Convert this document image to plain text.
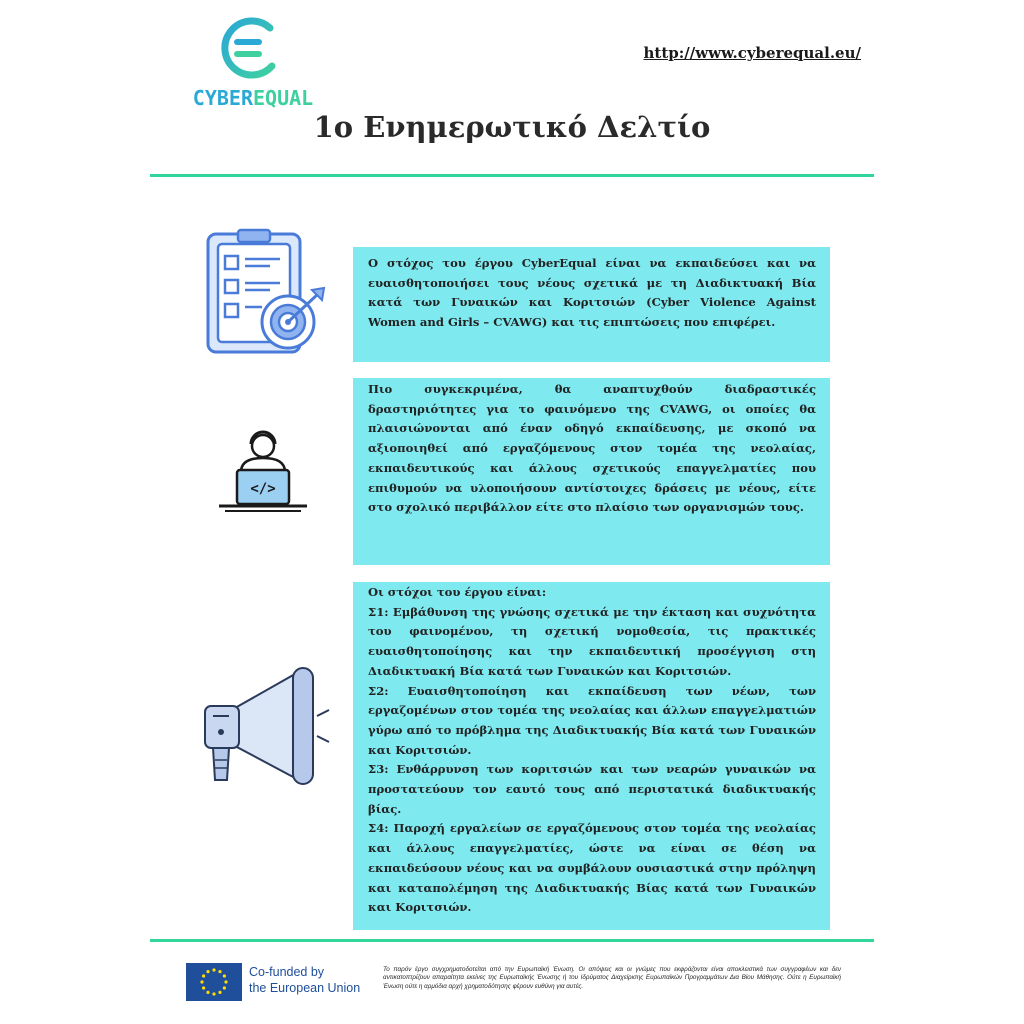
CYBEREQUAL
http://www.cyberequal.eu/
1ο Ενημερωτικό Δελτίο

Ο στόχος του έργου CyberEqual είναι να εκπαιδεύσει και να ευαισθητοποιήσει τους νέους σχετικά με τη Διαδικτυακή Βία κατά των Γυναικών και Κοριτσιών (Cyber Violence Against Women and Girls – CVAWG) και τις επιπτώσεις που επιφέρει.

</>

Πιο συγκεκριμένα, θα αναπτυχθούν διαδραστικές δραστηριότητες για το φαινόμενο της CVAWG, οι οποίες θα πλαισιώνονται από έναν οδηγό εκπαίδευσης, με σκοπό να αξιοποιηθεί από εργαζόμενους στον τομέα της νεολαίας, εκπαιδευτικούς και άλλους σχετικούς επαγγελματίες που επιθυμούν να υλοποιήσουν αντίστοιχες δράσεις με νέους, είτε στο σχολικό περιβάλλον είτε στο πλαίσιο των οργανισμών τους.

Οι στόχοι του έργου είναι:

Σ1: Εμβάθυνση της γνώσης σχετικά με την έκταση και συχνότητα του φαινομένου, τη σχετική νομοθεσία, τις πρακτικές ευαισθητοποίησης και την εκπαιδευτική προσέγγιση στη Διαδικτυακή Βία κατά των Γυναικών και Κοριτσιών.

Σ2: Ευαισθητοποίηση και εκπαίδευση των νέων, των εργαζομένων στον τομέα της νεολαίας και άλλων επαγγελματιών γύρω από το πρόβλημα της Διαδικτυακής Βία κατά των Γυναικών και Κοριτσιών.

Σ3: Ενθάρρυνση των κοριτσιών και των νεαρών γυναικών να προστατεύουν τον εαυτό τους από περιστατικά διαδικτυακής βίας.

Σ4: Παροχή εργαλείων σε εργαζόμενους στον τομέα της νεολαίας και άλλους επαγγελματίες, ώστε να είναι σε θέση να εκπαιδεύσουν νέους και να συμβάλουν ουσιαστικά στην πρόληψη και καταπολέμηση της Διαδικτυακής Βίας κατά των Γυναικών και Κοριτσιών.

Co-funded by
the European Union
Το παρόν έργο συγχρηματοδοτείται από την Ευρωπαϊκή Ένωση. Οι απόψεις και οι γνώμες που εκφράζονται είναι αποκλειστικά των συγγραφέων και δεν αντικατοπτρίζουν απαραίτητα εκείνες της Ευρωπαϊκής Ένωσης ή του Ιδρύματος Διαχείρισης Ευρωπαϊκών Προγραμμάτων Δια Βίου Μάθησης. Ούτε η Ευρωπαϊκή Ένωση ούτε η αρμόδια αρχή χρηματοδότησης φέρουν ευθύνη για αυτές.
